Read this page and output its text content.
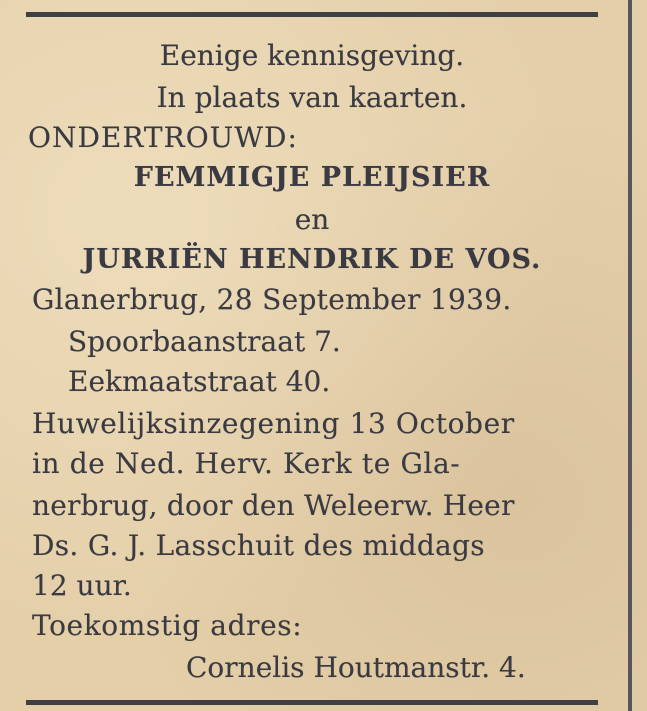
Eenige kennisgeving.
In plaats van kaarten.
ONDERTROUWD:
FEMMIGJE PLEIJSIER
en
JURRIËN HENDRIK DE VOS.
Glanerbrug, 28 September 1939.
Spoorbaanstraat 7.
Eekmaatstraat 40.
Huwelijksinzegening 13 October
in de Ned. Herv. Kerk te Gla-
nerbrug, door den Weleerw. Heer
Ds. G. J. Lasschuit des middags
12 uur.
Toekomstig adres:
Cornelis Houtmanstr. 4.
